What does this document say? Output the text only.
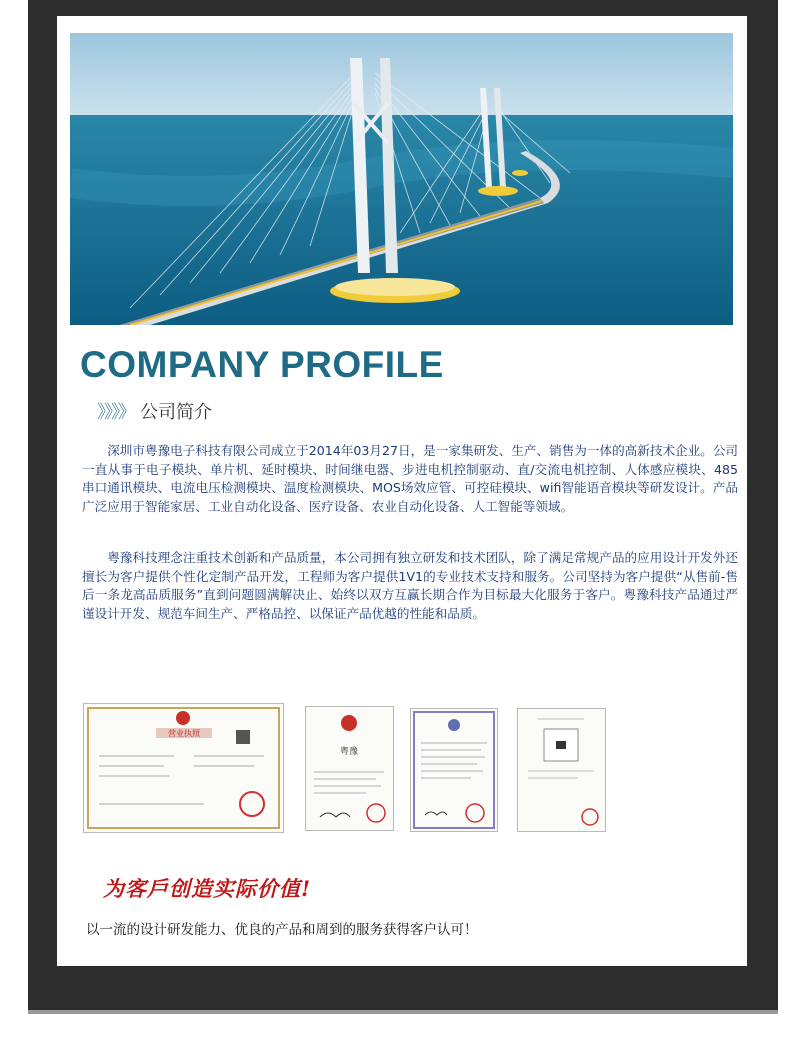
COMPANY PROFILE
》》》》 公司简介

深圳市粤豫电子科技有限公司成立于2014年03月27日，是一家集研发、生产、销售为一体的高新技术企业。公司一直从事于电子模块、单片机、延时模块、时间继电器、步进电机控制驱动、直/交流电机控制、人体感应模块、485串口通讯模块、电流电压检测模块、温度检测模块、MOS场效应管、可控硅模块、wifi智能语音模块等研发设计。产品广泛应用于智能家居、工业自动化设备、医疗设备、农业自动化设备、人工智能等领域。

粤豫科技理念注重技术创新和产品质量，本公司拥有独立研发和技术团队，除了满足常规产品的应用设计开发外还擅长为客户提供个性化定制产品开发，工程师为客户提供1V1的专业技术支持和服务。公司坚持为客户提供“从售前-售后一条龙高品质服务”直到问题圆满解决止、始终以双方互赢长期合作为目标最大化服务于客户。粤豫科技产品通过严谨设计开发、规范车间生产、严格品控、以保证产品优越的性能和品质。

营业执照
粤豫
为客戶创造实际价值!
以一流的设计研发能力、优良的产品和周到的服务获得客户认可！
